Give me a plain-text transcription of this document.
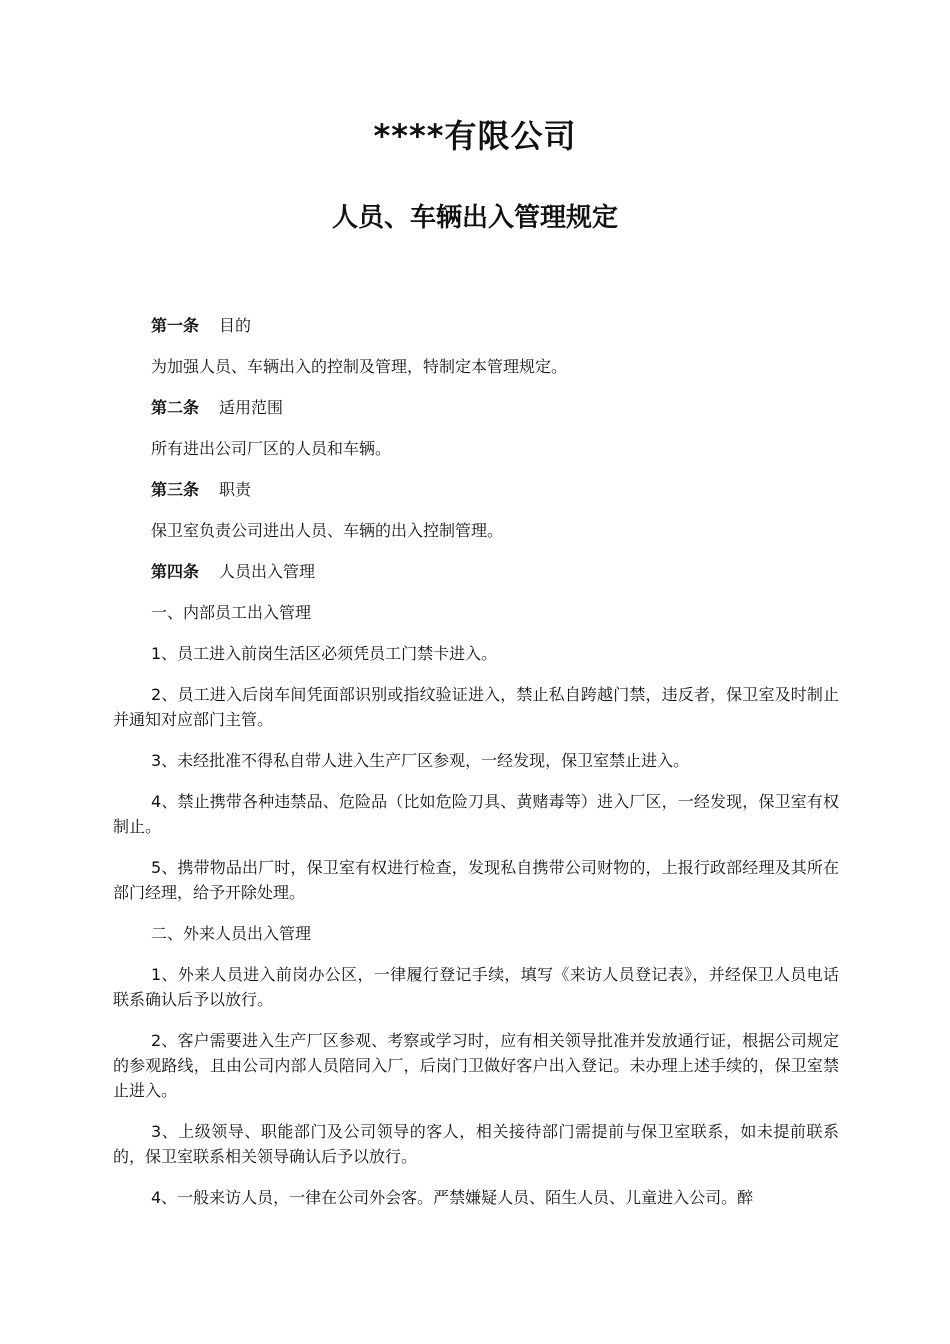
****有限公司
人员、车辆出入管理规定

第一条 目的

为加强人员、车辆出入的控制及管理，特制定本管理规定。

第二条 适用范围

所有进出公司厂区的人员和车辆。

第三条 职责

保卫室负责公司进出人员、车辆的出入控制管理。

第四条 人员出入管理

一、内部员工出入管理

1、员工进入前岗生活区必须凭员工门禁卡进入。

2、员工进入后岗车间凭面部识别或指纹验证进入，禁止私自跨越门禁，违反者，保卫室及时制止并通知对应部门主管。

3、未经批准不得私自带人进入生产厂区参观，一经发现，保卫室禁止进入。

4、禁止携带各种违禁品、危险品（比如危险刀具、黄赌毒等）进入厂区，一经发现，保卫室有权制止。

5、携带物品出厂时，保卫室有权进行检查，发现私自携带公司财物的，上报行政部经理及其所在部门经理，给予开除处理。

二、外来人员出入管理

1、外来人员进入前岗办公区，一律履行登记手续，填写《来访人员登记表》，并经保卫人员电话联系确认后予以放行。

2、客户需要进入生产厂区参观、考察或学习时，应有相关领导批准并发放通行证，根据公司规定的参观路线，且由公司内部人员陪同入厂，后岗门卫做好客户出入登记。未办理上述手续的，保卫室禁止进入。

3、上级领导、职能部门及公司领导的客人，相关接待部门需提前与保卫室联系，如未提前联系的，保卫室联系相关领导确认后予以放行。

4、一般来访人员，一律在公司外会客。严禁嫌疑人员、陌生人员、儿童进入公司。醉
